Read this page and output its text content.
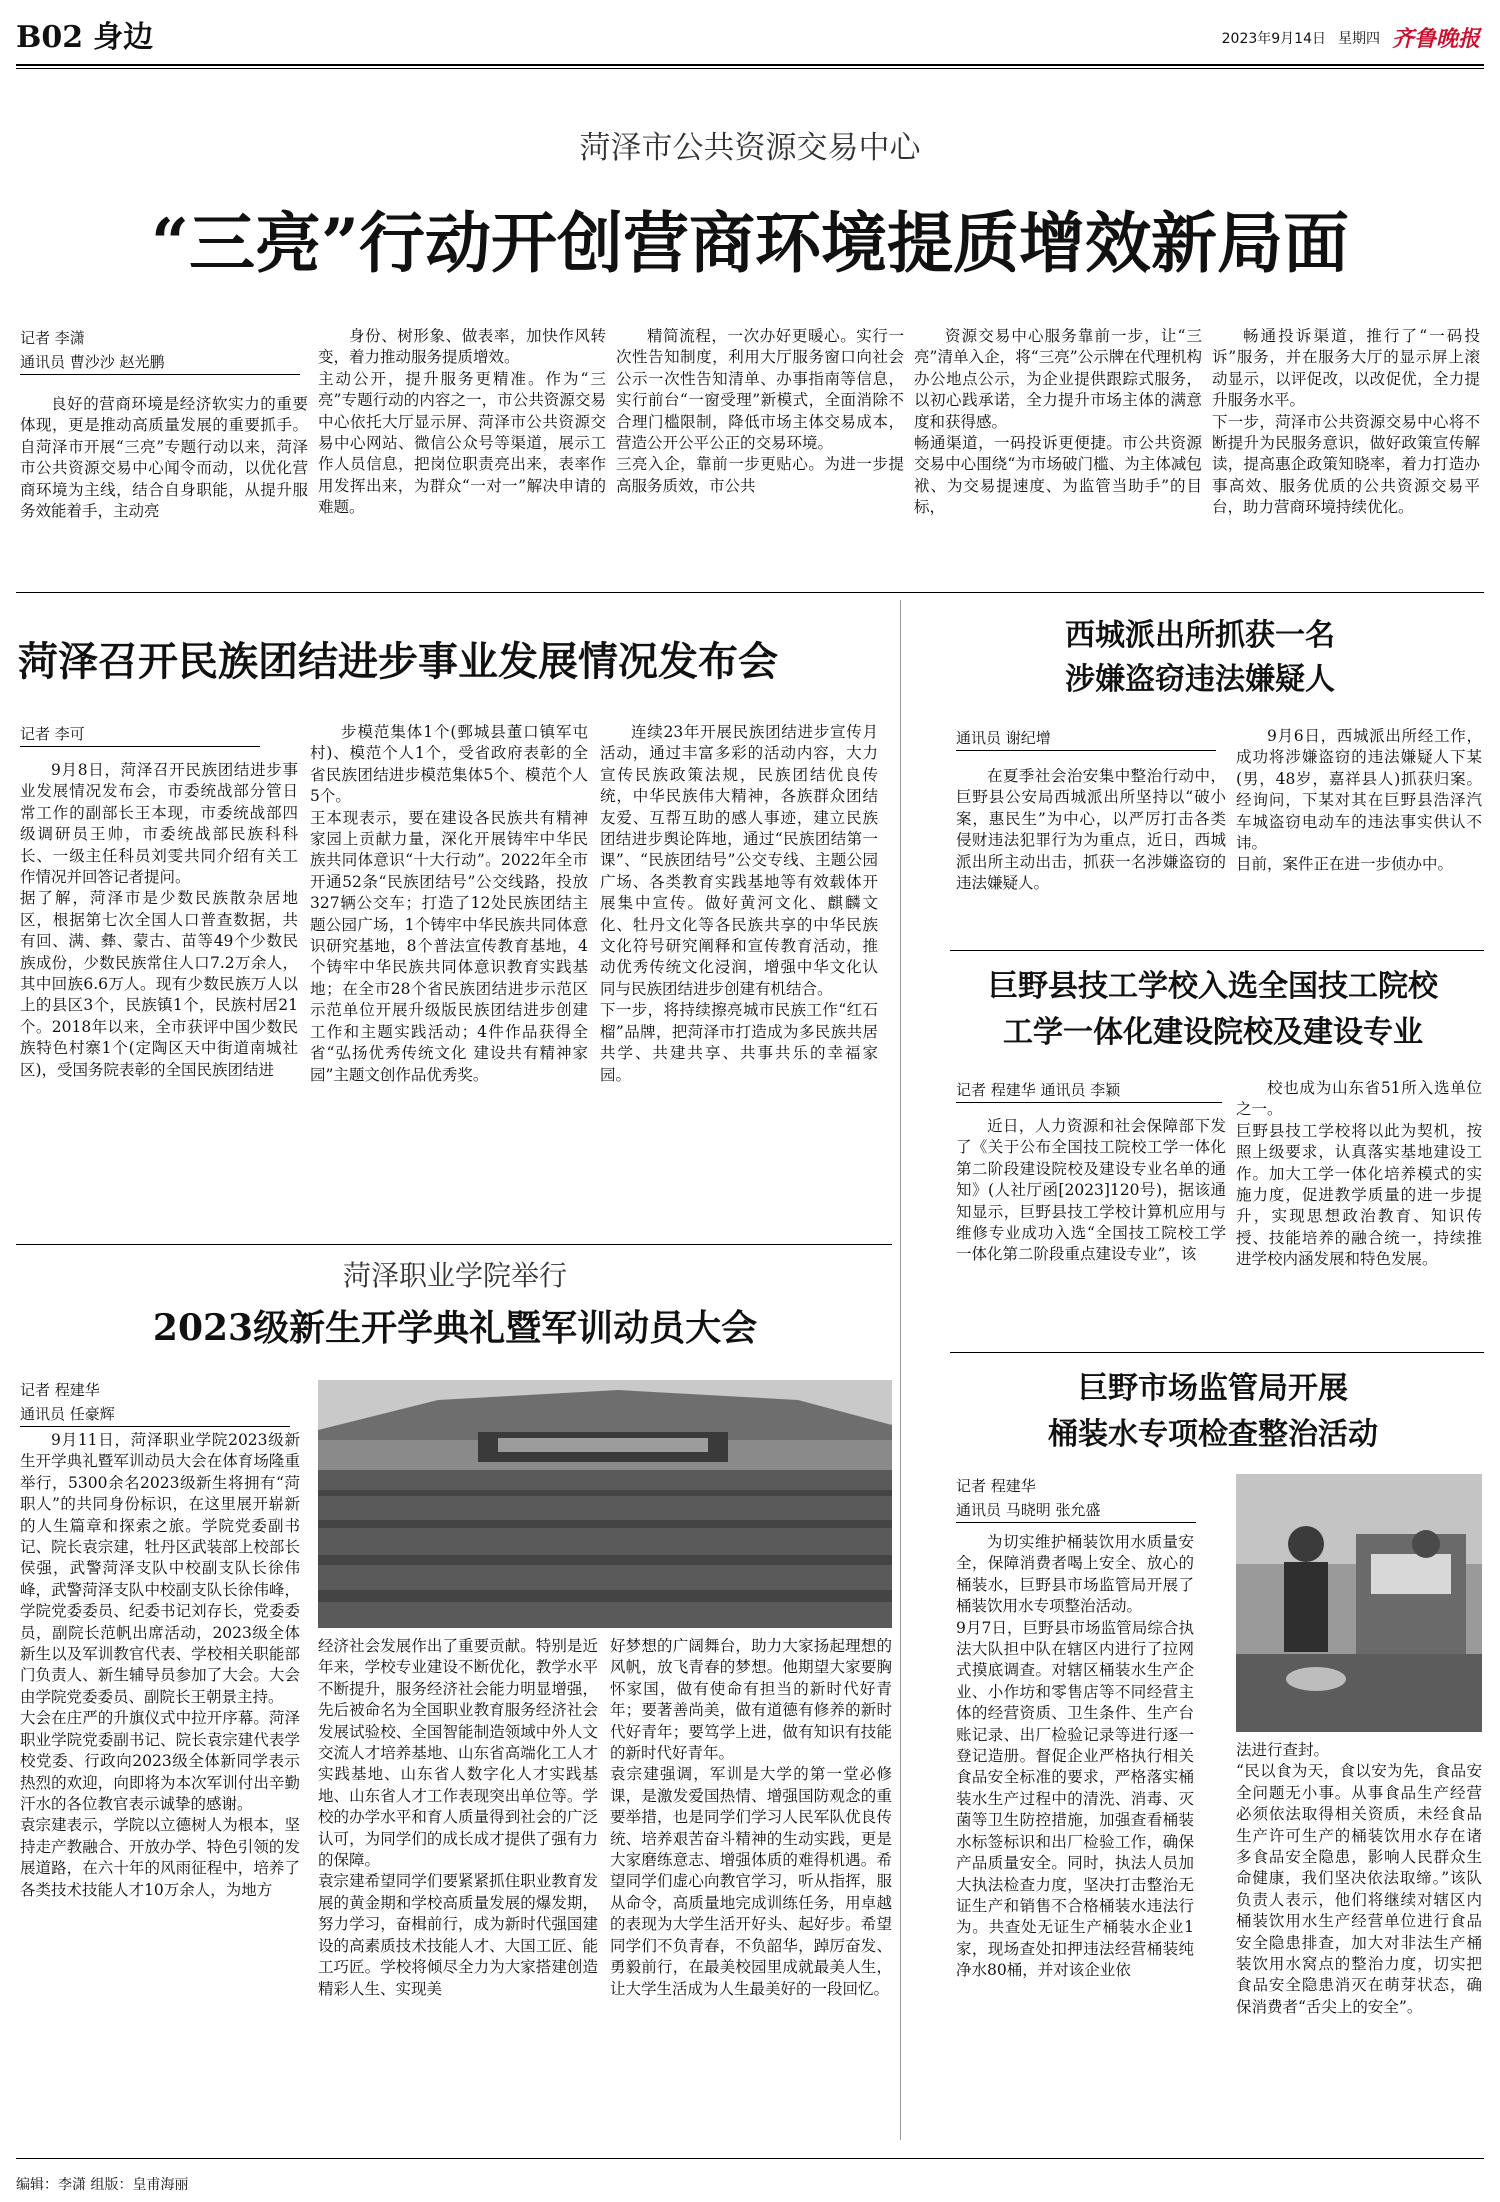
B02 身边	2023年9月14日 星期四 齐鲁晚报
菏泽市公共资源交易中心
“三亮”行动开创营商环境提质增效新局面
记者 李潇
通讯员 曹沙沙 赵光鹏

良好的营商环境是经济软实力的重要体现，更是推动高质量发展的重要抓手。自菏泽市开展“三亮”专题行动以来，菏泽市公共资源交易中心闻令而动，以优化营商环境为主线，结合自身职能，从提升服务效能着手，主动亮

身份、树形象、做表率，加快作风转变，着力推动服务提质增效。
主动公开，提升服务更精准。作为“三亮”专题行动的内容之一，市公共资源交易中心依托大厅显示屏、菏泽市公共资源交易中心网站、微信公众号等渠道，展示工作人员信息，把岗位职责亮出来，表率作用发挥出来，为群众“一对一”解决申请的难题。

精简流程，一次办好更暖心。实行一次性告知制度，利用大厅服务窗口向社会公示一次性告知清单、办事指南等信息，实行前台“一窗受理”新模式，全面消除不合理门槛限制，降低市场主体交易成本，营造公开公平公正的交易环境。
三亮入企，靠前一步更贴心。为进一步提高服务质效，市公共

资源交易中心服务靠前一步，让“三亮”清单入企，将“三亮”公示牌在代理机构办公地点公示，为企业提供跟踪式服务，以初心践承诺，全力提升市场主体的满意度和获得感。
畅通渠道，一码投诉更便捷。市公共资源交易中心围绕“为市场破门槛、为主体减包袱、为交易提速度、为监管当助手”的目标，

畅通投诉渠道，推行了“一码投诉”服务，并在服务大厅的显示屏上滚动显示，以评促改，以改促优，全力提升服务水平。
下一步，菏泽市公共资源交易中心将不断提升为民服务意识，做好政策宣传解读，提高惠企政策知晓率，着力打造办事高效、服务优质的公共资源交易平台，助力营商环境持续优化。

菏泽召开民族团结进步事业发展情况发布会
记者 李可

9月8日，菏泽召开民族团结进步事业发展情况发布会，市委统战部分管日常工作的副部长王本现，市委统战部四级调研员王帅，市委统战部民族科科长、一级主任科员刘雯共同介绍有关工作情况并回答记者提问。
据了解，菏泽市是少数民族散杂居地区，根据第七次全国人口普查数据，共有回、满、彝、蒙古、苗等49个少数民族成份，少数民族常住人口7.2万余人，其中回族6.6万人。现有少数民族万人以上的县区3个，民族镇1个，民族村居21个。2018年以来，全市获评中国少数民族特色村寨1个(定陶区天中街道南城社区)，受国务院表彰的全国民族团结进

步模范集体1个(鄄城县董口镇军屯村)、模范个人1个，受省政府表彰的全省民族团结进步模范集体5个、模范个人5个。
王本现表示，要在建设各民族共有精神家园上贡献力量，深化开展铸牢中华民族共同体意识“十大行动”。2022年全市开通52条“民族团结号”公交线路，投放327辆公交车；打造了12处民族团结主题公园广场，1个铸牢中华民族共同体意识研究基地，8个普法宣传教育基地，4个铸牢中华民族共同体意识教育实践基地；在全市28个省民族团结进步示范区示范单位开展升级版民族团结进步创建工作和主题实践活动；4件作品获得全省“弘扬优秀传统文化 建设共有精神家园”主题文创作品优秀奖。

连续23年开展民族团结进步宣传月活动，通过丰富多彩的活动内容，大力宣传民族政策法规，民族团结优良传统，中华民族伟大精神，各族群众团结友爱、互帮互助的感人事迹，建立民族团结进步舆论阵地，通过“民族团结第一课”、“民族团结号”公交专线、主题公园广场、各类教育实践基地等有效载体开展集中宣传。做好黄河文化、麒麟文化、牡丹文化等各民族共享的中华民族文化符号研究阐释和宣传教育活动，推动优秀传统文化浸润，增强中华文化认同与民族团结进步创建有机结合。
下一步，将持续擦亮城市民族工作“红石榴”品牌，把菏泽市打造成为多民族共居共学、共建共享、共事共乐的幸福家园。

西城派出所抓获一名
涉嫌盗窃违法嫌疑人
通讯员 谢纪增

在夏季社会治安集中整治行动中，巨野县公安局西城派出所坚持以“破小案，惠民生”为中心，以严厉打击各类侵财违法犯罪行为为重点，近日，西城派出所主动出击，抓获一名涉嫌盗窃的违法嫌疑人。

9月6日，西城派出所经工作，成功将涉嫌盗窃的违法嫌疑人下某(男，48岁，嘉祥县人)抓获归案。经询问，下某对其在巨野县浩泽汽车城盗窃电动车的违法事实供认不讳。
目前，案件正在进一步侦办中。

巨野县技工学校入选全国技工院校
工学一体化建设院校及建设专业
记者 程建华 通讯员 李颖

近日，人力资源和社会保障部下发了《关于公布全国技工院校工学一体化第二阶段建设院校及建设专业名单的通知》(人社厅函[2023]120号)，据该通知显示，巨野县技工学校计算机应用与维修专业成功入选“全国技工院校工学一体化第二阶段重点建设专业”，该

校也成为山东省51所入选单位之一。
巨野县技工学校将以此为契机，按照上级要求，认真落实基地建设工作。加大工学一体化培养模式的实施力度，促进教学质量的进一步提升，实现思想政治教育、知识传授、技能培养的融合统一，持续推进学校内涵发展和特色发展。

菏泽职业学院举行
2023级新生开学典礼暨军训动员大会
记者 程建华
通讯员 任豪辉

9月11日，菏泽职业学院2023级新生开学典礼暨军训动员大会在体育场隆重举行，5300余名2023级新生将拥有“菏职人”的共同身份标识，在这里展开崭新的人生篇章和探索之旅。学院党委副书记、院长袁宗建，牡丹区武装部上校部长侯强，武警菏泽支队中校副支队长徐伟峰，武警菏泽支队中校副支队长徐伟峰，学院党委委员、纪委书记刘存长，党委委员，副院长范帆出席活动，2023级全体新生以及军训教官代表、学校相关职能部门负责人、新生辅导员参加了大会。大会由学院党委委员、副院长王朝景主持。
大会在庄严的升旗仪式中拉开序幕。菏泽职业学院党委副书记、院长袁宗建代表学校党委、行政向2023级全体新同学表示热烈的欢迎，向即将为本次军训付出辛勤汗水的各位教官表示诚挚的感谢。
袁宗建表示，学院以立德树人为根本，坚持走产教融合、开放办学、特色引领的发展道路，在六十年的风雨征程中，培养了各类技术技能人才10万余人，为地方

经济社会发展作出了重要贡献。特别是近年来，学校专业建设不断优化，教学水平不断提升，服务经济社会能力明显增强，先后被命名为全国职业教育服务经济社会发展试验校、全国智能制造领域中外人文交流人才培养基地、山东省高端化工人才实践基地、山东省人数字化人才实践基地、山东省人才工作表现突出单位等。学校的办学水平和育人质量得到社会的广泛认可，为同学们的成长成才提供了强有力的保障。
袁宗建希望同学们要紧紧抓住职业教育发展的黄金期和学校高质量发展的爆发期，努力学习，奋楫前行，成为新时代强国建设的高素质技术技能人才、大国工匠、能工巧匠。学校将倾尽全力为大家搭建创造精彩人生、实现美

好梦想的广阔舞台，助力大家扬起理想的风帆，放飞青春的梦想。他期望大家要胸怀家国，做有使命有担当的新时代好青年；要著善尚美，做有道德有修养的新时代好青年；要笃学上进，做有知识有技能的新时代好青年。
袁宗建强调，军训是大学的第一堂必修课，是激发爱国热情、增强国防观念的重要举措，也是同学们学习人民军队优良传统、培养艰苦奋斗精神的生动实践，更是大家磨练意志、增强体质的难得机遇。希望同学们虚心向教官学习，听从指挥，服从命令，高质量地完成训练任务，用卓越的表现为大学生活开好头、起好步。希望同学们不负青春，不负韶华，踔厉奋发、勇毅前行，在最美校园里成就最美人生，让大学生活成为人生最美好的一段回忆。

巨野市场监管局开展
桶装水专项检查整治活动
记者 程建华
通讯员 马晓明 张允盛

为切实维护桶装饮用水质量安全，保障消费者喝上安全、放心的桶装水，巨野县市场监管局开展了桶装饮用水专项整治活动。
9月7日，巨野县市场监管局综合执法大队担中队在辖区内进行了拉网式摸底调查。对辖区桶装水生产企业、小作坊和零售店等不同经营主体的经营资质、卫生条件、生产台账记录、出厂检验记录等进行逐一登记造册。督促企业严格执行相关食品安全标准的要求，严格落实桶装水生产过程中的清洗、消毒、灭菌等卫生防控措施，加强查看桶装水标签标识和出厂检验工作，确保产品质量安全。同时，执法人员加大执法检查力度，坚决打击整治无证生产和销售不合格桶装水违法行为。共查处无证生产桶装水企业1家，现场查处扣押违法经营桶装纯净水80桶，并对该企业依

法进行查封。
“民以食为天，食以安为先，食品安全问题无小事。从事食品生产经营必须依法取得相关资质，未经食品生产许可生产的桶装饮用水存在诸多食品安全隐患，影响人民群众生命健康，我们坚决依法取缔。”该队负责人表示，他们将继续对辖区内桶装饮用水生产经营单位进行食品安全隐患排查，加大对非法生产桶装饮用水窝点的整治力度，切实把食品安全隐患消灭在萌芽状态，确保消费者“舌尖上的安全”。

编辑：李潇 组版：皇甫海丽
